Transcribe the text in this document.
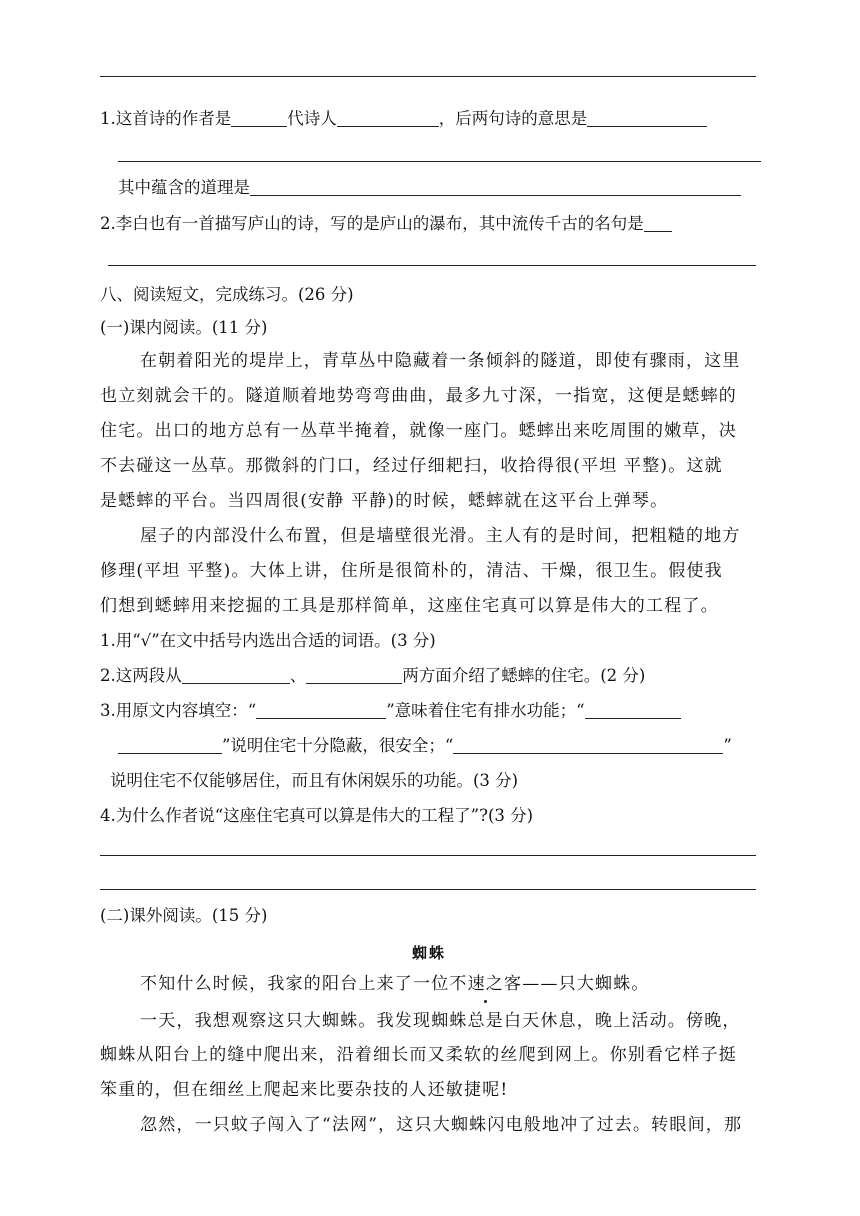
1.这首诗的作者是	代诗人	，后两句诗的意思是
其中蕴含的道理是
2.李白也有一首描写庐山的诗，写的是庐山的瀑布，其中流传千古的名句是
八、阅读短文，完成练习。(26 分)
(一)课内阅读。(11 分)
在朝着阳光的堤岸上，青草丛中隐藏着一条倾斜的隧道，即使有骤雨，这里
也立刻就会干的。隧道顺着地势弯弯曲曲，最多九寸深，一指宽，这便是蟋蟀的
住宅。出口的地方总有一丛草半掩着，就像一座门。蟋蟀出来吃周围的嫩草，决
不去碰这一丛草。那微斜的门口，经过仔细耙扫，收拾得很(平坦 平整)。这就
是蟋蟀的平台。当四周很(安静 平静)的时候，蟋蟀就在这平台上弹琴。
屋子的内部没什么布置，但是墙壁很光滑。主人有的是时间，把粗糙的地方
修理(平坦 平整)。大体上讲，住所是很简朴的，清洁、干燥，很卫生。假使我
们想到蟋蟀用来挖掘的工具是那样简单，这座住宅真可以算是伟大的工程了。
1.用“√”在文中括号内选出合适的词语。(3 分)
2.这两段从	、	两方面介绍了蟋蟀的住宅。(2 分)
3.用原文内容填空：“	”意味着住宅有排水功能；“
”说明住宅十分隐蔽，很安全；“	”
说明住宅不仅能够居住，而且有休闲娱乐的功能。(3 分)
4.为什么作者说“这座住宅真可以算是伟大的工程了”?(3 分)
(二)课外阅读。(15 分)
蜘蛛
不知什么时候，我家的阳台上来了一位不速之客——只大蜘蛛。
一天，我想观察这只大蜘蛛。我发现蜘蛛总是白天休息，晚上活动。傍晚，
蜘蛛从阳台上的缝中爬出来，沿着细长而又柔软的丝爬到网上。你别看它样子挺
笨重的，但在细丝上爬起来比要杂技的人还敏捷呢!
忽然，一只蚊子闯入了“法网”，这只大蜘蛛闪电般地冲了过去。转眼间，那
